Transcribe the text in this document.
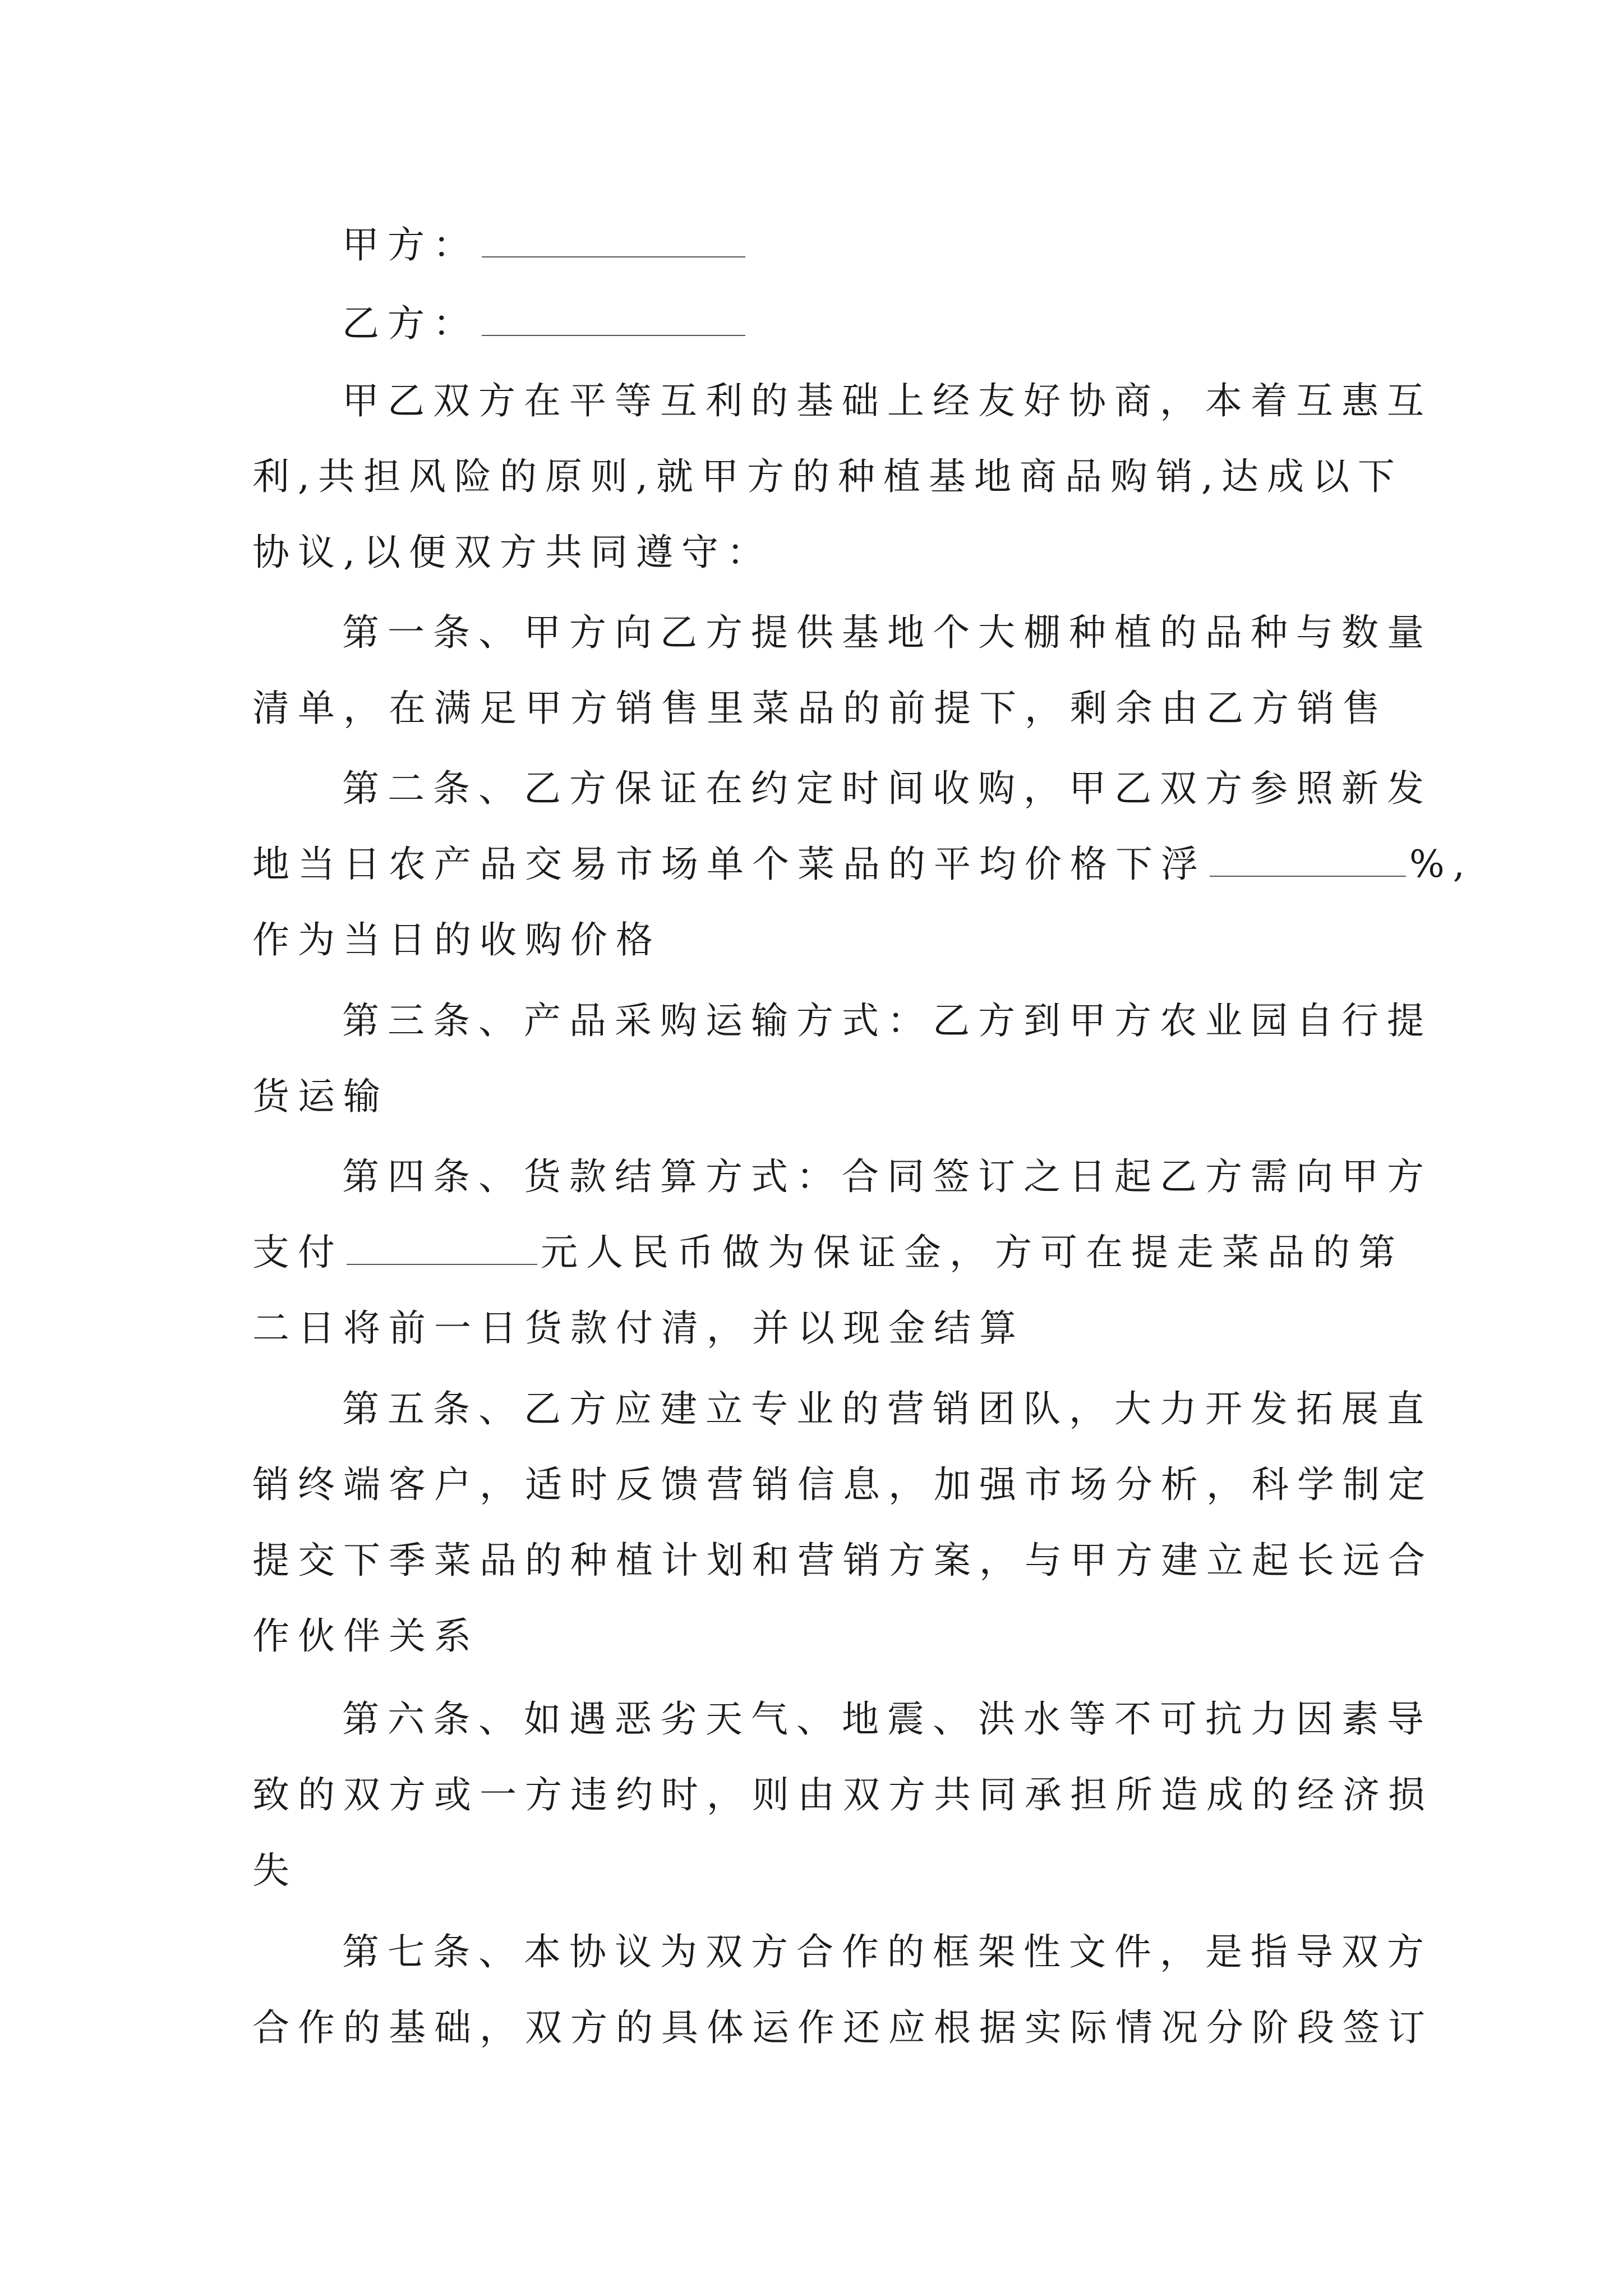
甲方：
乙方：
甲乙双方在平等互利的基础上经友好协商，本着互惠互
利,共担风险的原则,就甲方的种植基地商品购销,达成以下
协议,以便双方共同遵守：
第一条、甲方向乙方提供基地个大棚种植的品种与数量
清单，在满足甲方销售里菜品的前提下，剩余由乙方销售
第二条、乙方保证在约定时间收购，甲乙双方参照新发
地当日农产品交易市场单个菜品的平均价格下浮	%,
作为当日的收购价格
第三条、产品采购运输方式：乙方到甲方农业园自行提
货运输
第四条、货款结算方式：合同签订之日起乙方需向甲方
支付	元人民币做为保证金，方可在提走菜品的第
二日将前一日货款付清，并以现金结算
第五条、乙方应建立专业的营销团队，大力开发拓展直
销终端客户，适时反馈营销信息，加强市场分析，科学制定
提交下季菜品的种植计划和营销方案，与甲方建立起长远合
作伙伴关系
第六条、如遇恶劣天气、地震、洪水等不可抗力因素导
致的双方或一方违约时，则由双方共同承担所造成的经济损
失
第七条、本协议为双方合作的框架性文件，是指导双方
合作的基础，双方的具体运作还应根据实际情况分阶段签订
